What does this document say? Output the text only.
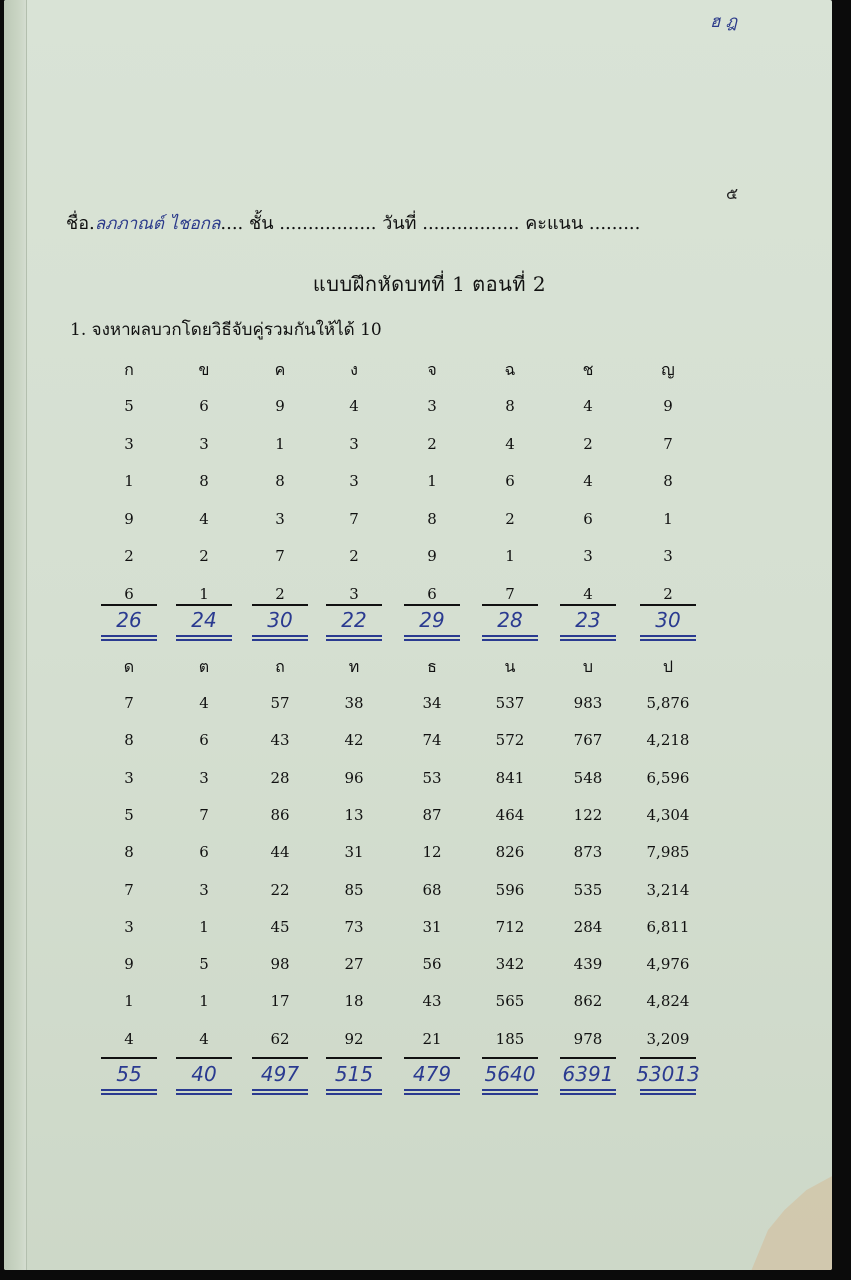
ฮ ฎ
๕
ชื่อ.ลภภาณต์ ไชอกล.... ชั้น ................. วันที่ ................. คะแนน .........
แบบฝึกหัดบทที่ 1 ตอนที่ 2
1. จงหาผลบวกโดยวิธีจับคู่รวมกันให้ได้ 10
ก
5
3
1
9
2
6
26
ข
6
3
8
4
2
1
24
ค
9
1
8
3
7
2
30
ง
4
3
3
7
2
3
22
จ
3
2
1
8
9
6
29
ฉ
8
4
6
2
1
7
28
ช
4
2
4
6
3
4
23
ญ
9
7
8
1
3
2
30
ด
7
8
3
5
8
7
3
9
1
4
55
ต
4
6
3
7
6
3
1
5
1
4
40
ถ
57
43
28
86
44
22
45
98
17
62
497
ท
38
42
96
13
31
85
73
27
18
92
515
ธ
34
74
53
87
12
68
31
56
43
21
479
น
537
572
841
464
826
596
712
342
565
185
5640
บ
983
767
548
122
873
535
284
439
862
978
6391
ป
5,876
4,218
6,596
4,304
7,985
3,214
6,811
4,976
4,824
3,209
53013
